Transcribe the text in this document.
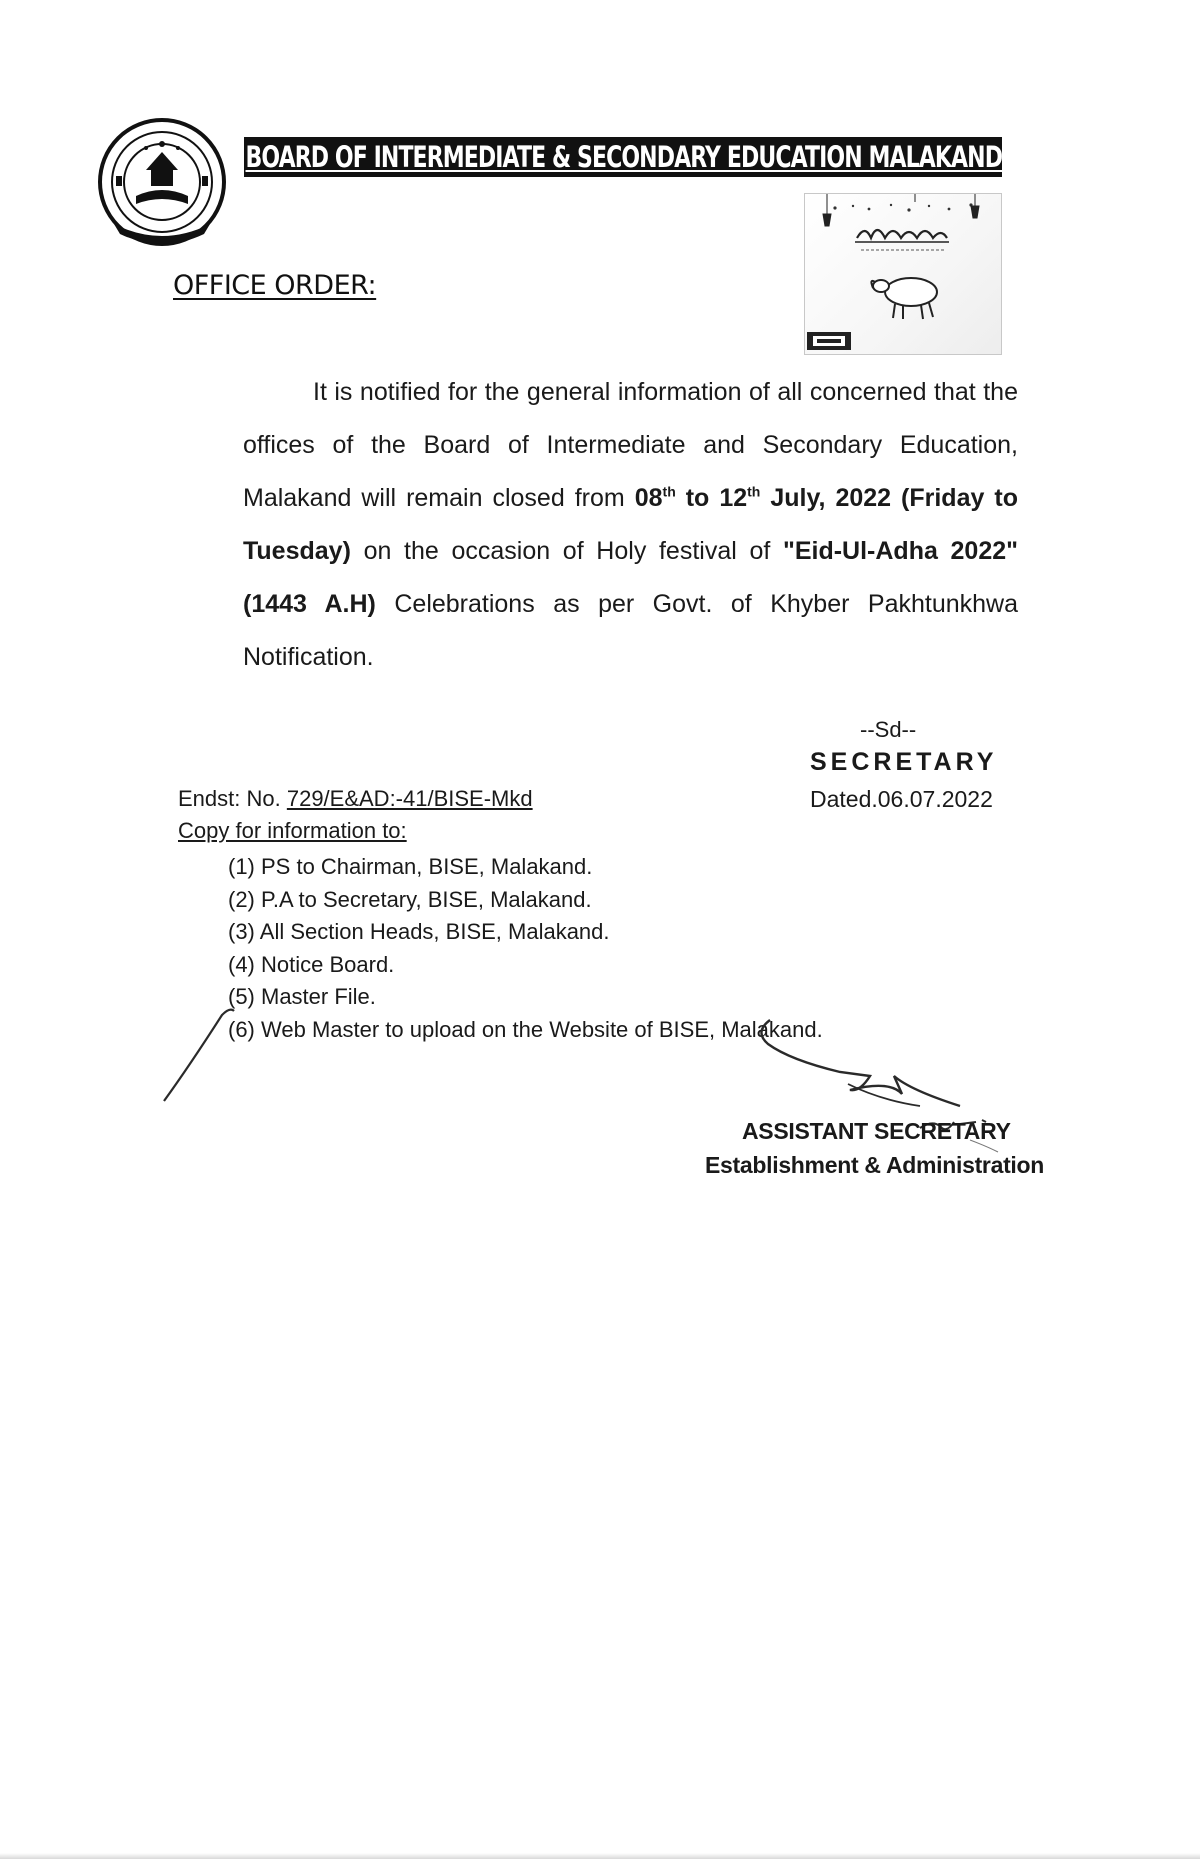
BOARD OF INTERMEDIATE & SECONDARY EDUCATION MALAKAND
OFFICE ORDER:

It is notified for the general information of all concerned that the offices of the Board of Intermediate and Secondary Education, Malakand will remain closed from 08th to 12th July, 2022 (Friday to Tuesday) on the occasion of Holy festival of "Eid-Ul-Adha 2022" (1443 A.H) Celebrations as per Govt. of Khyber Pakhtunkhwa Notification.

--Sd--
SECRETARY
Dated.06.07.2022
Endst: No. 729/E&AD:-41/BISE-Mkd
Copy for information to:
(1) PS to Chairman, BISE, Malakand.
(2) P.A to Secretary, BISE, Malakand.
(3) All Section Heads, BISE, Malakand.
(4) Notice Board.
(5) Master File.
(6) Web Master to upload on the Website of BISE, Malakand.
ASSISTANT SECRETARY
Establishment & Administration
